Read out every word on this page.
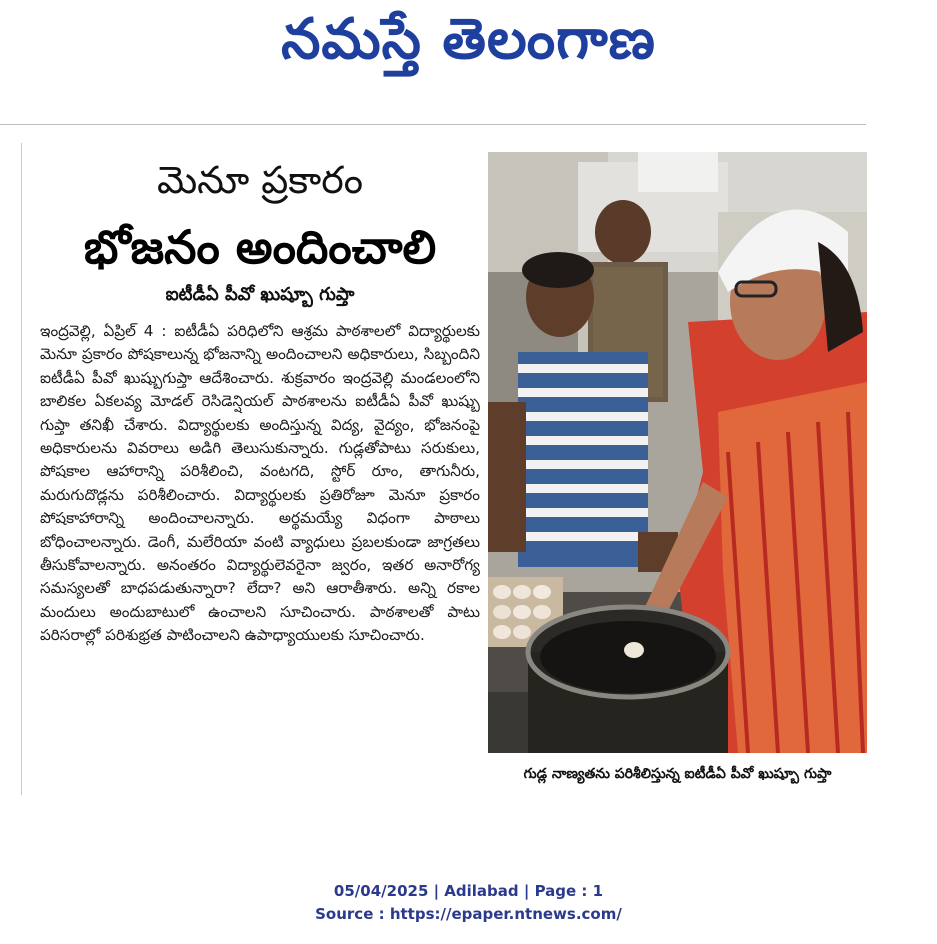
నమస్తే తెలంగాణ
మెనూ ప్రకారం
భోజనం అందించాలి
ఐటీడీఏ పీవో ఖుష్బూ గుప్తా
ఇంద్రవెల్లి, ఏప్రిల్ 4 : ఐటీడీఏ పరిధిలోని ఆశ్రమ పాఠశాలలో విద్యార్థులకు మెనూ ప్రకారం పోషకాలున్న భోజనాన్ని అందించాలని అధికారులు, సిబ్బందిని ఐటీడీఏ పీవో ఖుష్బుగుప్తా ఆదేశించారు. శుక్రవారం ఇంద్రవెల్లి మండలంలోని బాలికల ఏకలవ్య మోడల్ రెసిడెన్షియల్ పాఠశాలను ఐటీడీఏ పీవో ఖుష్బు గుప్తా తనిఖీ చేశారు. విద్యార్థులకు అందిస్తున్న విద్య, వైద్యం, భోజనంపై అధికారులను వివరాలు అడిగి తెలుసుకున్నారు. గుడ్లతోపాటు సరుకులు, పోషకాల ఆహారాన్ని పరిశీలించి, వంటగది, స్టోర్ రూం, తాగునీరు, మరుగుదొడ్లను పరిశీలించారు. విద్యార్థులకు ప్రతిరోజూ మెనూ ప్రకారం పోషకాహారాన్ని అందించాలన్నారు. అర్థమయ్యే విధంగా పాఠాలు బోధించాలన్నారు. డెంగీ, మలేరియా వంటి వ్యాధులు ప్రబలకుండా జాగ్రతలు తీసుకోవాలన్నారు. అనంతరం విద్యార్థులెవరైనా జ్వరం, ఇతర అనారోగ్య సమస్యలతో బాధపడుతున్నారా? లేదా? అని ఆరాతీశారు. అన్ని రకాల మందులు అందుబాటులో ఉంచాలని సూచించారు. పాఠశాలతో పాటు పరిసరాల్లో పరిశుభ్రత పాటించాలని ఉపాధ్యాయులకు సూచించారు.
గుడ్ల నాణ్యతను పరిశీలిస్తున్న ఐటీడీఏ పీవో ఖుష్బూ గుప్తా
05/04/2025 | Adilabad | Page : 1
Source : https://epaper.ntnews.com/
